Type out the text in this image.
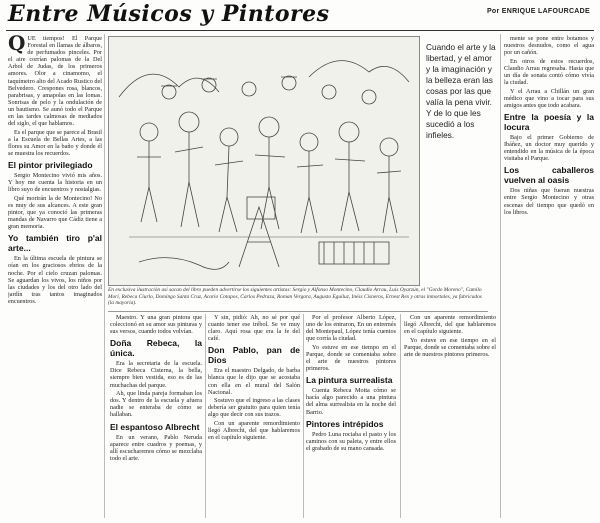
Entre Músicos y Pintores	Por ENRIQUE LAFOURCADE

QUE tiempos! El Parque Forestal en llamas de álbaros, de perfumados pinceles. Por el aire corrían palomas de la Del Arbol de Judas, de los primeros amores. Olor a cinamomo, el taquímetro alto del Acado Rustico del Belvedero. Crespones rosa, blancos, parabrisas, y amapolas en las lomas. Sonrisas de pelo y la ondulación de un bautismo. Se aunó todo el Parque en las tardes calmosas de mediados del siglo, el que hablamos.

Es el parque que se parece al Brasil a la Escuela de Bellas Artes, a las flores su Amor en la baño y donde él se muestra los recuerdos.

El pintor privilegiado

Sergio Montecino vivió mis años. Y hoy me cuenta la historia en un libro suyo de encuentros y nostalgias.

Qué morirán la de Montecino! No es muy de sus alcances. A este gran pintor, que ya conoció las primeras mandas de Navarro que Cádiz tiene a gran memoria.

Yo también tiro p'al arte...

En la última escuela de pintura se oían en los graciosos ebrios de la noche. Por el cielo cruzan palomas. Se aguardan los vivos, los niños por las ciudades y los del otro lado del jardín tras tantos imaginados encuentros.

Cuando el arte y la libertad, y el amor y la imaginación y la belleza eran las cosas por las que valía la pena vivir. Y de lo que les sucedió a los infieles.
En exclusiva ilustración así sacan del libro pueden advertirse los siguientes artistas: Sergio y Alfonso Montecino, Claudio Arrau, Luis Oyarzún, el "Gordo Moreno", Camilo Mori, Rebeca Ciurlo, Domingo Santa Cruz, Acario Cotapos, Carlos Pedraza, Roman Vergara, Augusto Eguiluz, Inéss Cisneros, Ernest Rex y otras inmortales, ya fabricados (la mayoría).

Maestro. Y una gran pintora que coleccionó en su amor sus pinturas y sus versos, cuando todos volvían.

Doña Rebeca, la única.

Era la secretaria de la escuela. Dice Rebeca Cisterna, la bella, siempre bien vestida, eso es de las muchachas del parque.

Ah, que linda pareja formaban los dos. Y dentro de la escuela y afuera nadie se enteraba de cómo se hallaban.

El espantoso Albrecht

En un verano, Pablo Neruda aparece entre cuadros y poemas, y allí escucharemos cómo se mezclaba todo el arte.

Y sin, pidió: Ah, no sé por qué cuanto tener ese trébol. Se ve muy claro. Aquí rosa que era la fe del café.

Don Pablo, pan de Dios

Era el maestro Delgado, de barba blanca que le dijo que se acostaba con ella en el mural del Salón Nacional.

Sostuvo que el ingreso a las clases debería ser gratuito para quien tenía algo que decir con sus trazos.

Con un aparente remordimiento llegó Albrecht, del que hablaremos en el capítulo siguiente.

Por el profesor Alberto López, uno de los entraron, En un entremés del Montepaul, López tenía cuentos que corría la ciudad.

Yo estuve en ese tiempo en el Parque, donde se comentaba sobre el arte de nuestros pintores primeros.

La pintura surrealista

Cuenta Rebeca Motta cómo se hacía algo parecido a una pintura del alma surrealista en la noche del Barrio.

Pintores intrépidos

Pedro Luna rociaba el pasto y los caminos con su paleta, y entre ellos el grabado de su mano cansada.

mente se pone entre botamos y nuestros desnudos, como el agua por un cañón.

En otros de estos recuerdos, Claudio Arrau regresaba. Hasta que un día de sonata contó cómo vivía la ciudad.

Y el Arrau a Chillán un gran médico que vino a tocar para sus amigos antes que todo acabara.

Entre la poesía y la locura

Bajo el primer Gobierno de Ibáñez, un doctor muy querido y entendido en la música de la época visitaba el Parque.

Los caballeros vuelven al oasis

Dos niñas que fueran nuestras entre Sergio Montecino y otras escenas del tiempo que quedó en los libros.

Con un aparente remordimiento llegó Albrecht, del que hablaremos en el capítulo siguiente.

Yo estuve en ese tiempo en el Parque, donde se comentaba sobre el arte de nuestros pintores primeros.
